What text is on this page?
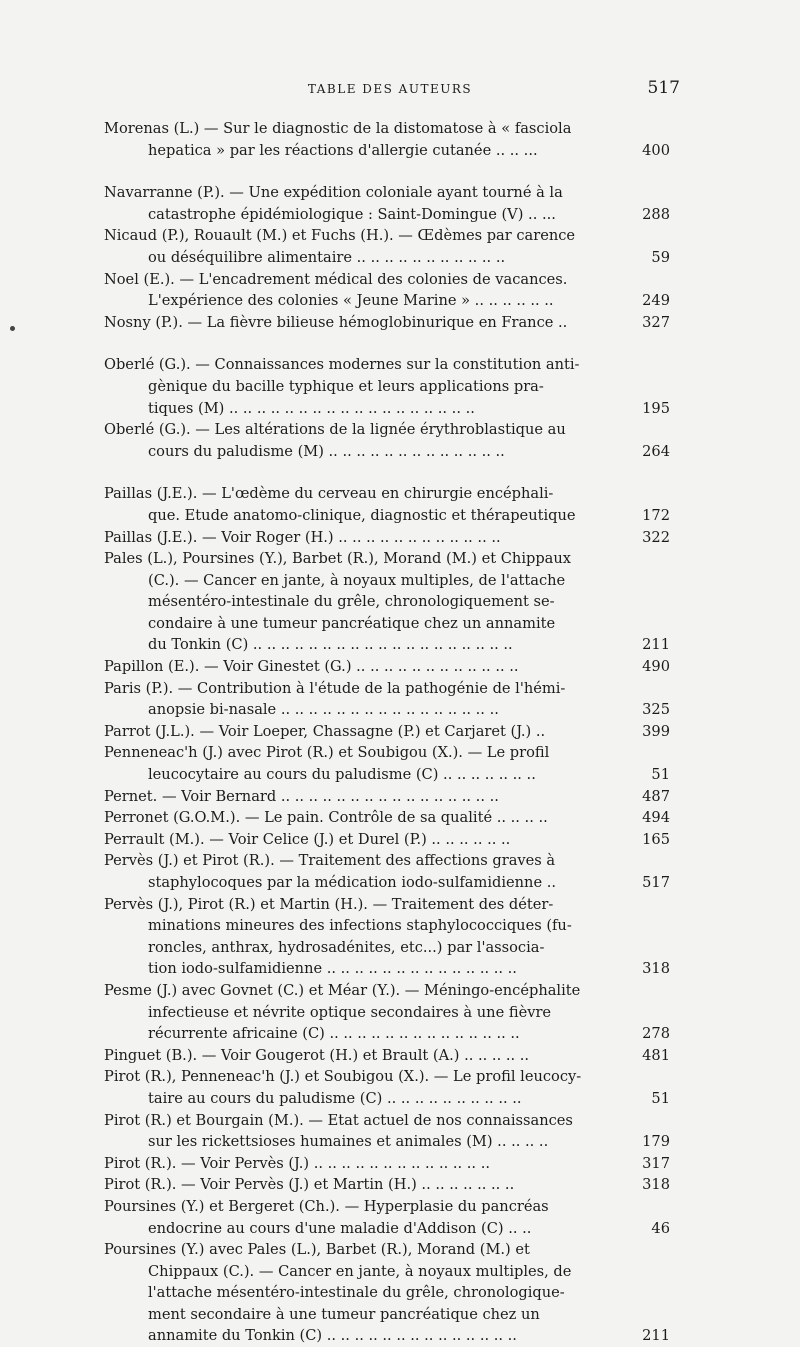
TABLE DES AUTEURS	517
Morenas (L.) — Sur le diagnostic de la distomatose à « fasciola
hepatica » par les réactions d'allergie cutanée .. .. ...	400
Navarranne (P.). — Une expédition coloniale ayant tourné à la
catastrophe épidémiologique : Saint-Domingue (V) .. ...	288
Nicaud (P.), Rouault (M.) et Fuchs (H.). — Œdèmes par carence
ou déséquilibre alimentaire .. .. .. .. .. .. .. .. .. .. ..	59
Noel (E.). — L'encadrement médical des colonies de vacances.
L'expérience des colonies « Jeune Marine » .. .. .. .. .. ..	249
Nosny (P.). — La fièvre bilieuse hémoglobinurique en France ..	327
Oberlé (G.). — Connaissances modernes sur la constitution anti-
gènique du bacille typhique et leurs applications pra-
tiques (M) .. .. .. .. .. .. .. .. .. .. .. .. .. .. .. .. .. ..	195
Oberlé (G.). — Les altérations de la lignée érythroblastique au
cours du paludisme (M) .. .. .. .. .. .. .. .. .. .. .. .. ..	264
Paillas (J.E.). — L'œdème du cerveau en chirurgie encéphali-
que. Etude anatomo-clinique, diagnostic et thérapeutique	172
Paillas (J.E.). — Voir Roger (H.) .. .. .. .. .. .. .. .. .. .. .. ..	322
Pales (L.), Poursines (Y.), Barbet (R.), Morand (M.) et Chippaux
(C.). — Cancer en jante, à noyaux multiples, de l'attache
mésentéro-intestinale du grêle, chronologiquement se-
condaire à une tumeur pancréatique chez un annamite
du Tonkin (C) .. .. .. .. .. .. .. .. .. .. .. .. .. .. .. .. .. .. ..	211
Papillon (E.). — Voir Ginestet (G.) .. .. .. .. .. .. .. .. .. .. .. ..	490
Paris (P.). — Contribution à l'étude de la pathogénie de l'hémi-
anopsie bi-nasale .. .. .. .. .. .. .. .. .. .. .. .. .. .. .. ..	325
Parrot (J.L.). — Voir Loeper, Chassagne (P.) et Carjaret (J.) ..	399
Penneneac'h (J.) avec Pirot (R.) et Soubigou (X.). — Le profil
leucocytaire au cours du paludisme (C) .. .. .. .. .. .. ..	51
Pernet. — Voir Bernard .. .. .. .. .. .. .. .. .. .. .. .. .. .. .. ..	487
Perronet (G.O.M.). — Le pain. Contrôle de sa qualité .. .. .. ..	494
Perrault (M.). — Voir Celice (J.) et Durel (P.) .. .. .. .. .. ..	165
Pervès (J.) et Pirot (R.). — Traitement des affections graves à
staphylocoques par la médication iodo-sulfamidienne ..	517
Pervès (J.), Pirot (R.) et Martin (H.). — Traitement des déter-
minations mineures des infections staphylococciques (fu-
roncles, anthrax, hydrosadénites, etc...) par l'associa-
tion iodo-sulfamidienne .. .. .. .. .. .. .. .. .. .. .. .. .. ..	318
Pesme (J.) avec Govnet (C.) et Méar (Y.). — Méningo-encéphalite
infectieuse et névrite optique secondaires à une fièvre
récurrente africaine (C) .. .. .. .. .. .. .. .. .. .. .. .. .. ..	278
Pinguet (B.). — Voir Gougerot (H.) et Brault (A.) .. .. .. .. ..	481
Pirot (R.), Penneneac'h (J.) et Soubigou (X.). — Le profil leucocy-
taire au cours du paludisme (C) .. .. .. .. .. .. .. .. .. ..	51
Pirot (R.) et Bourgain (M.). — Etat actuel de nos connaissances
sur les rickettsioses humaines et animales (M) .. .. .. ..	179
Pirot (R.). — Voir Pervès (J.) .. .. .. .. .. .. .. .. .. .. .. .. ..	317
Pirot (R.). — Voir Pervès (J.) et Martin (H.) .. .. .. .. .. .. ..	318
Poursines (Y.) et Bergeret (Ch.). — Hyperplasie du pancréas
endocrine au cours d'une maladie d'Addison (C) .. ..	46
Poursines (Y.) avec Pales (L.), Barbet (R.), Morand (M.) et
Chippaux (C.). — Cancer en jante, à noyaux multiples, de
l'attache mésentéro-intestinale du grêle, chronologique-
ment secondaire à une tumeur pancréatique chez un
annamite du Tonkin (C) .. .. .. .. .. .. .. .. .. .. .. .. .. ..	211
